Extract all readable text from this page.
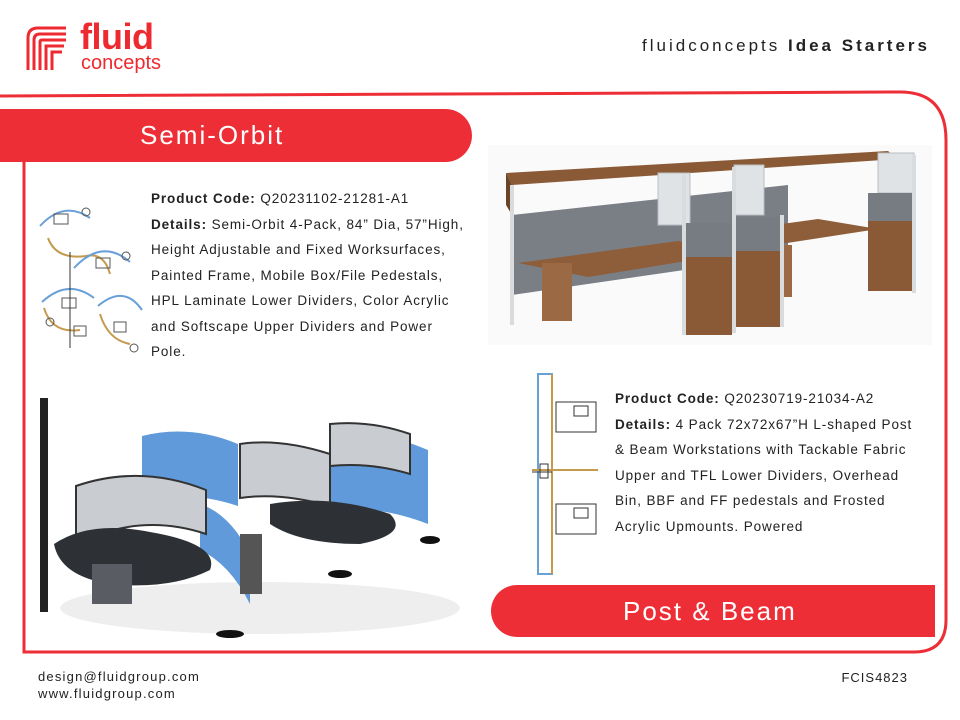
fluid
concepts
fluidconcepts Idea Starters
Semi-Orbit
Post & Beam
Product Code: Q20231102-21281-A1
Details: Semi-Orbit 4-Pack, 84” Dia, 57”High, Height Adjustable and Fixed Worksurfaces, Painted Frame, Mobile Box/File Pedestals, HPL Laminate Lower Dividers, Color Acrylic and Softscape Upper Dividers and Power Pole.
Product Code: Q20230719-21034-A2
Details: 4 Pack 72x72x67”H L-shaped Post & Beam Workstations with Tackable Fabric Upper and TFL Lower Dividers, Overhead Bin, BBF and FF pedestals and Frosted Acrylic Upmounts. Powered
design@fluidgroup.com
www.fluidgroup.com
FCIS4823
